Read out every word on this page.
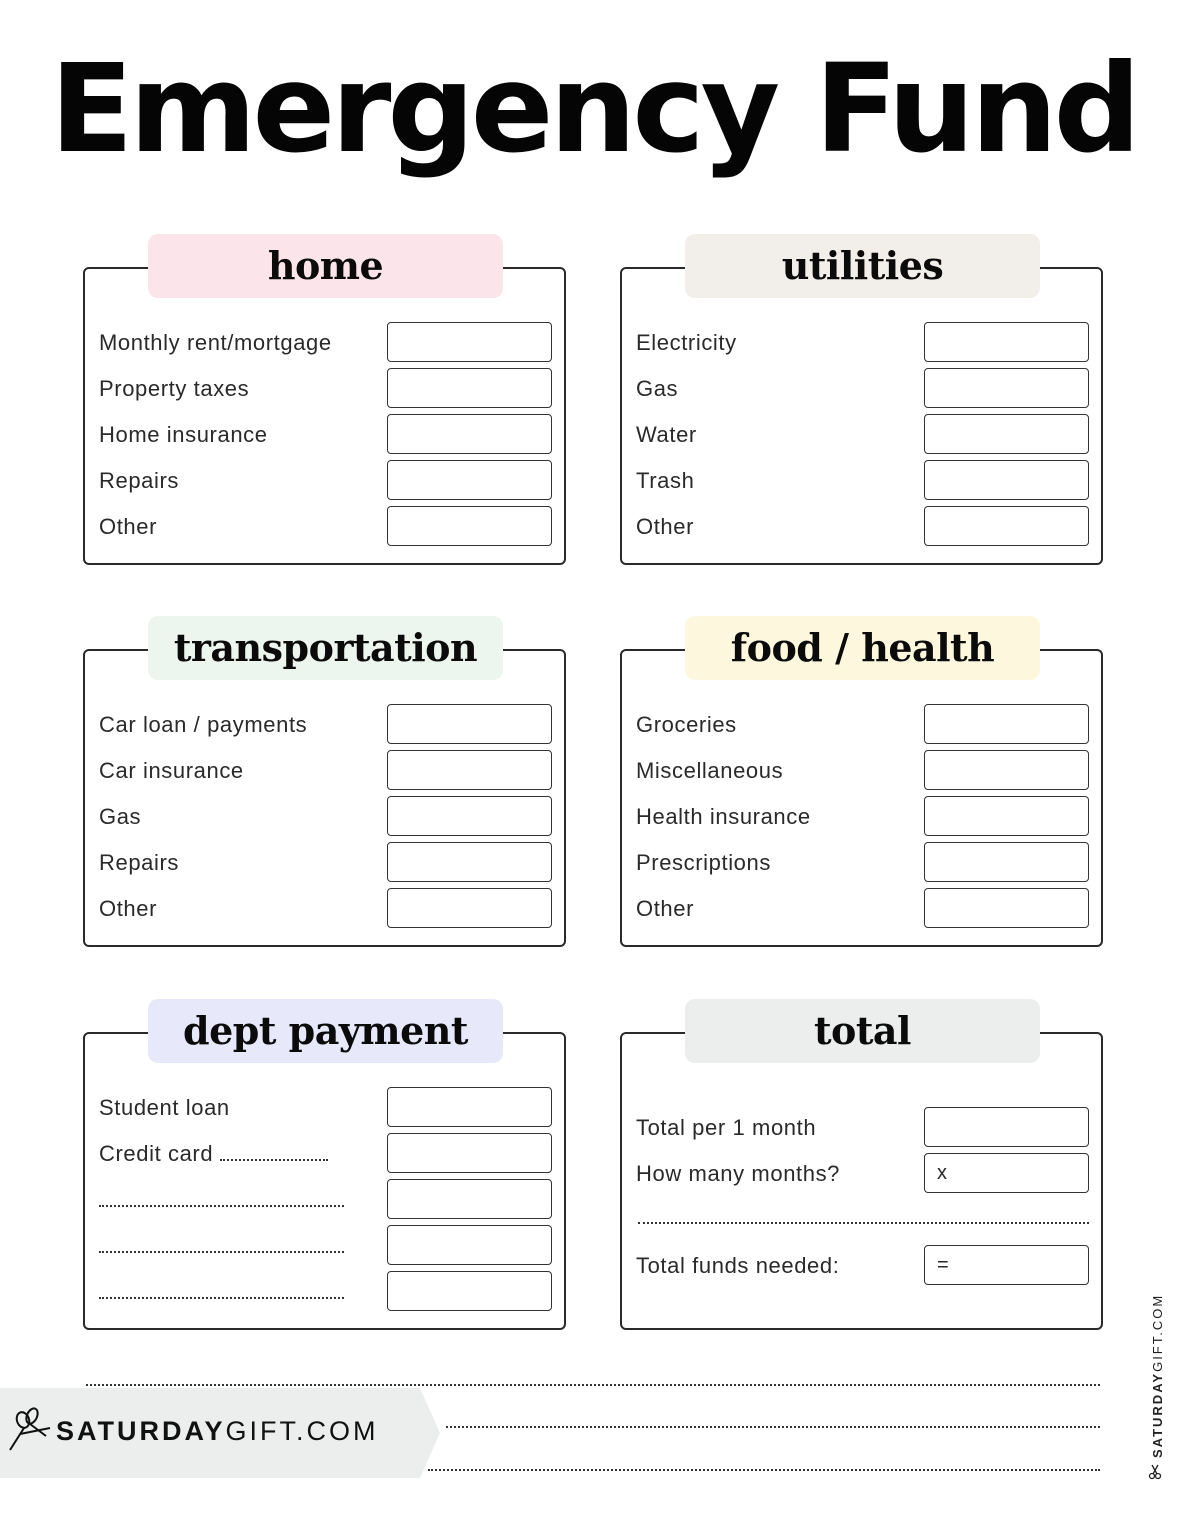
Emergency Fund
home
Monthly rent/mortgage
Property taxes
Home insurance
Repairs
Other
utilities
Electricity
Gas
Water
Trash
Other
transportation
Car loan / payments
Car insurance
Gas
Repairs
Other
food / health
Groceries
Miscellaneous
Health insurance
Prescriptions
Other
dept payment
Student loan
Credit card
total
Total per 1 month
How many months?	x
Total funds needed:	=
SATURDAYGIFT.COM	SATURDAYGIFT.COM
